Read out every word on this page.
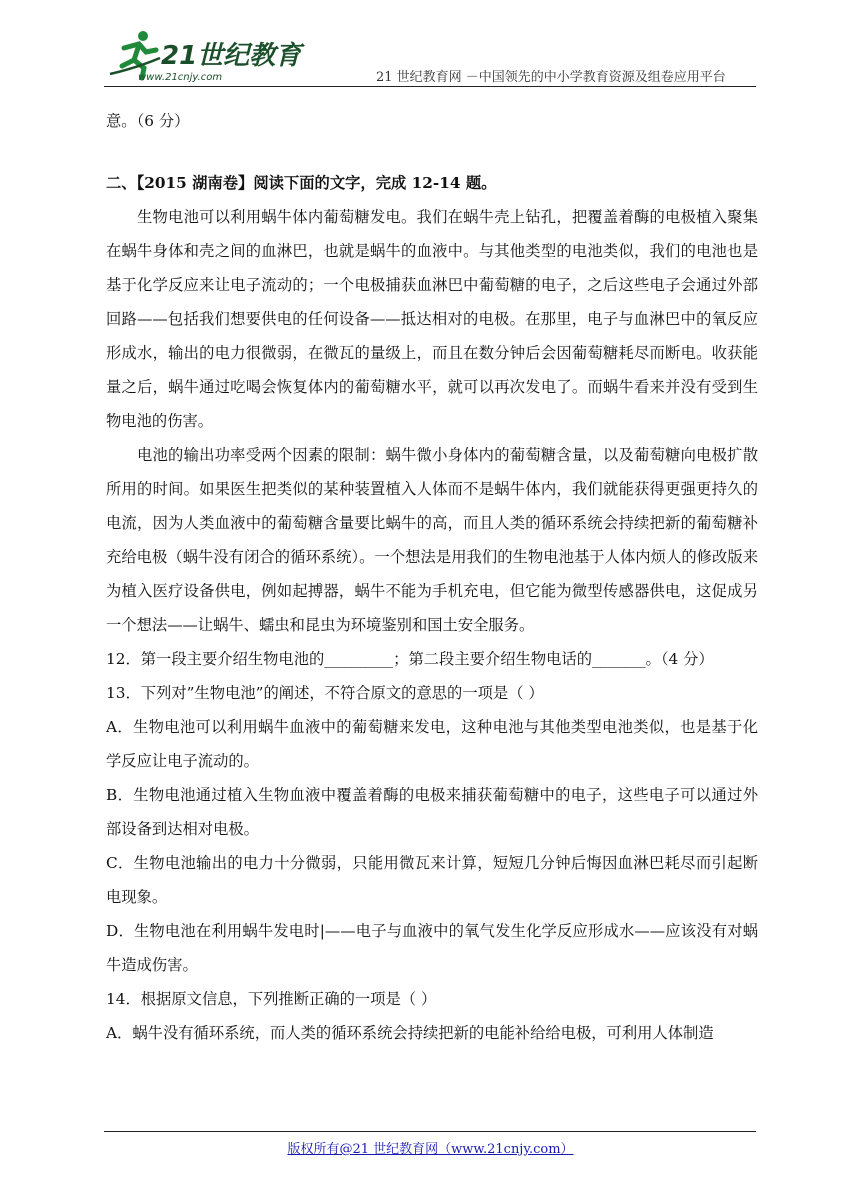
21世纪教育
www.21cnjy.com	21 世纪教育网 －中国领先的中小学教育资源及组卷应用平台

意。（6 分）

二、【2015 湖南卷】阅读下面的文字，完成 12-14 题。

生物电池可以利用蜗牛体内葡萄糖发电。我们在蜗牛壳上钻孔，把覆盖着酶的电极植入聚集在蜗牛身体和壳之间的血淋巴，也就是蜗牛的血液中。与其他类型的电池类似，我们的电池也是基于化学反应来让电子流动的；一个电极捕获血淋巴中葡萄糖的电子，之后这些电子会通过外部回路——包括我们想要供电的任何设备——抵达相对的电极。在那里，电子与血淋巴中的氧反应形成水，输出的电力很微弱，在微瓦的量级上，而且在数分钟后会因葡萄糖耗尽而断电。收获能量之后，蜗牛通过吃喝会恢复体内的葡萄糖水平，就可以再次发电了。而蜗牛看来并没有受到生物电池的伤害。

电池的输出功率受两个因素的限制：蜗牛微小身体内的葡萄糖含量，以及葡萄糖向电极扩散所用的时间。如果医生把类似的某种装置植入人体而不是蜗牛体内，我们就能获得更强更持久的电流，因为人类血液中的葡萄糖含量要比蜗牛的高，而且人类的循环系统会持续把新的葡萄糖补充给电极（蜗牛没有闭合的循环系统）。一个想法是用我们的生物电池基于人体内烦人的修改版来为植入医疗设备供电，例如起搏器，蜗牛不能为手机充电，但它能为微型传感器供电，这促成另一个想法——让蜗牛、蠕虫和昆虫为环境鉴别和国土安全服务。

12．第一段主要介绍生物电池的_________；第二段主要介绍生物电话的_______。（4 分）

13．下列对”生物电池”的阐述，不符合原文的意思的一项是（ ）

A．生物电池可以利用蜗牛血液中的葡萄糖来发电，这种电池与其他类型电池类似，也是基于化学反应让电子流动的。

B．生物电池通过植入生物血液中覆盖着酶的电极来捕获葡萄糖中的电子，这些电子可以通过外部设备到达相对电极。

C．生物电池输出的电力十分微弱，只能用微瓦来计算，短短几分钟后悔因血淋巴耗尽而引起断电现象。

D．生物电池在利用蜗牛发电时|——电子与血液中的氧气发生化学反应形成水——应该没有对蜗牛造成伤害。

14．根据原文信息，下列推断正确的一项是（ ）

A．蜗牛没有循环系统，而人类的循环系统会持续把新的电能补给给电极，可利用人体制造

版权所有@21 世纪教育网（www.21cnjy.com）
